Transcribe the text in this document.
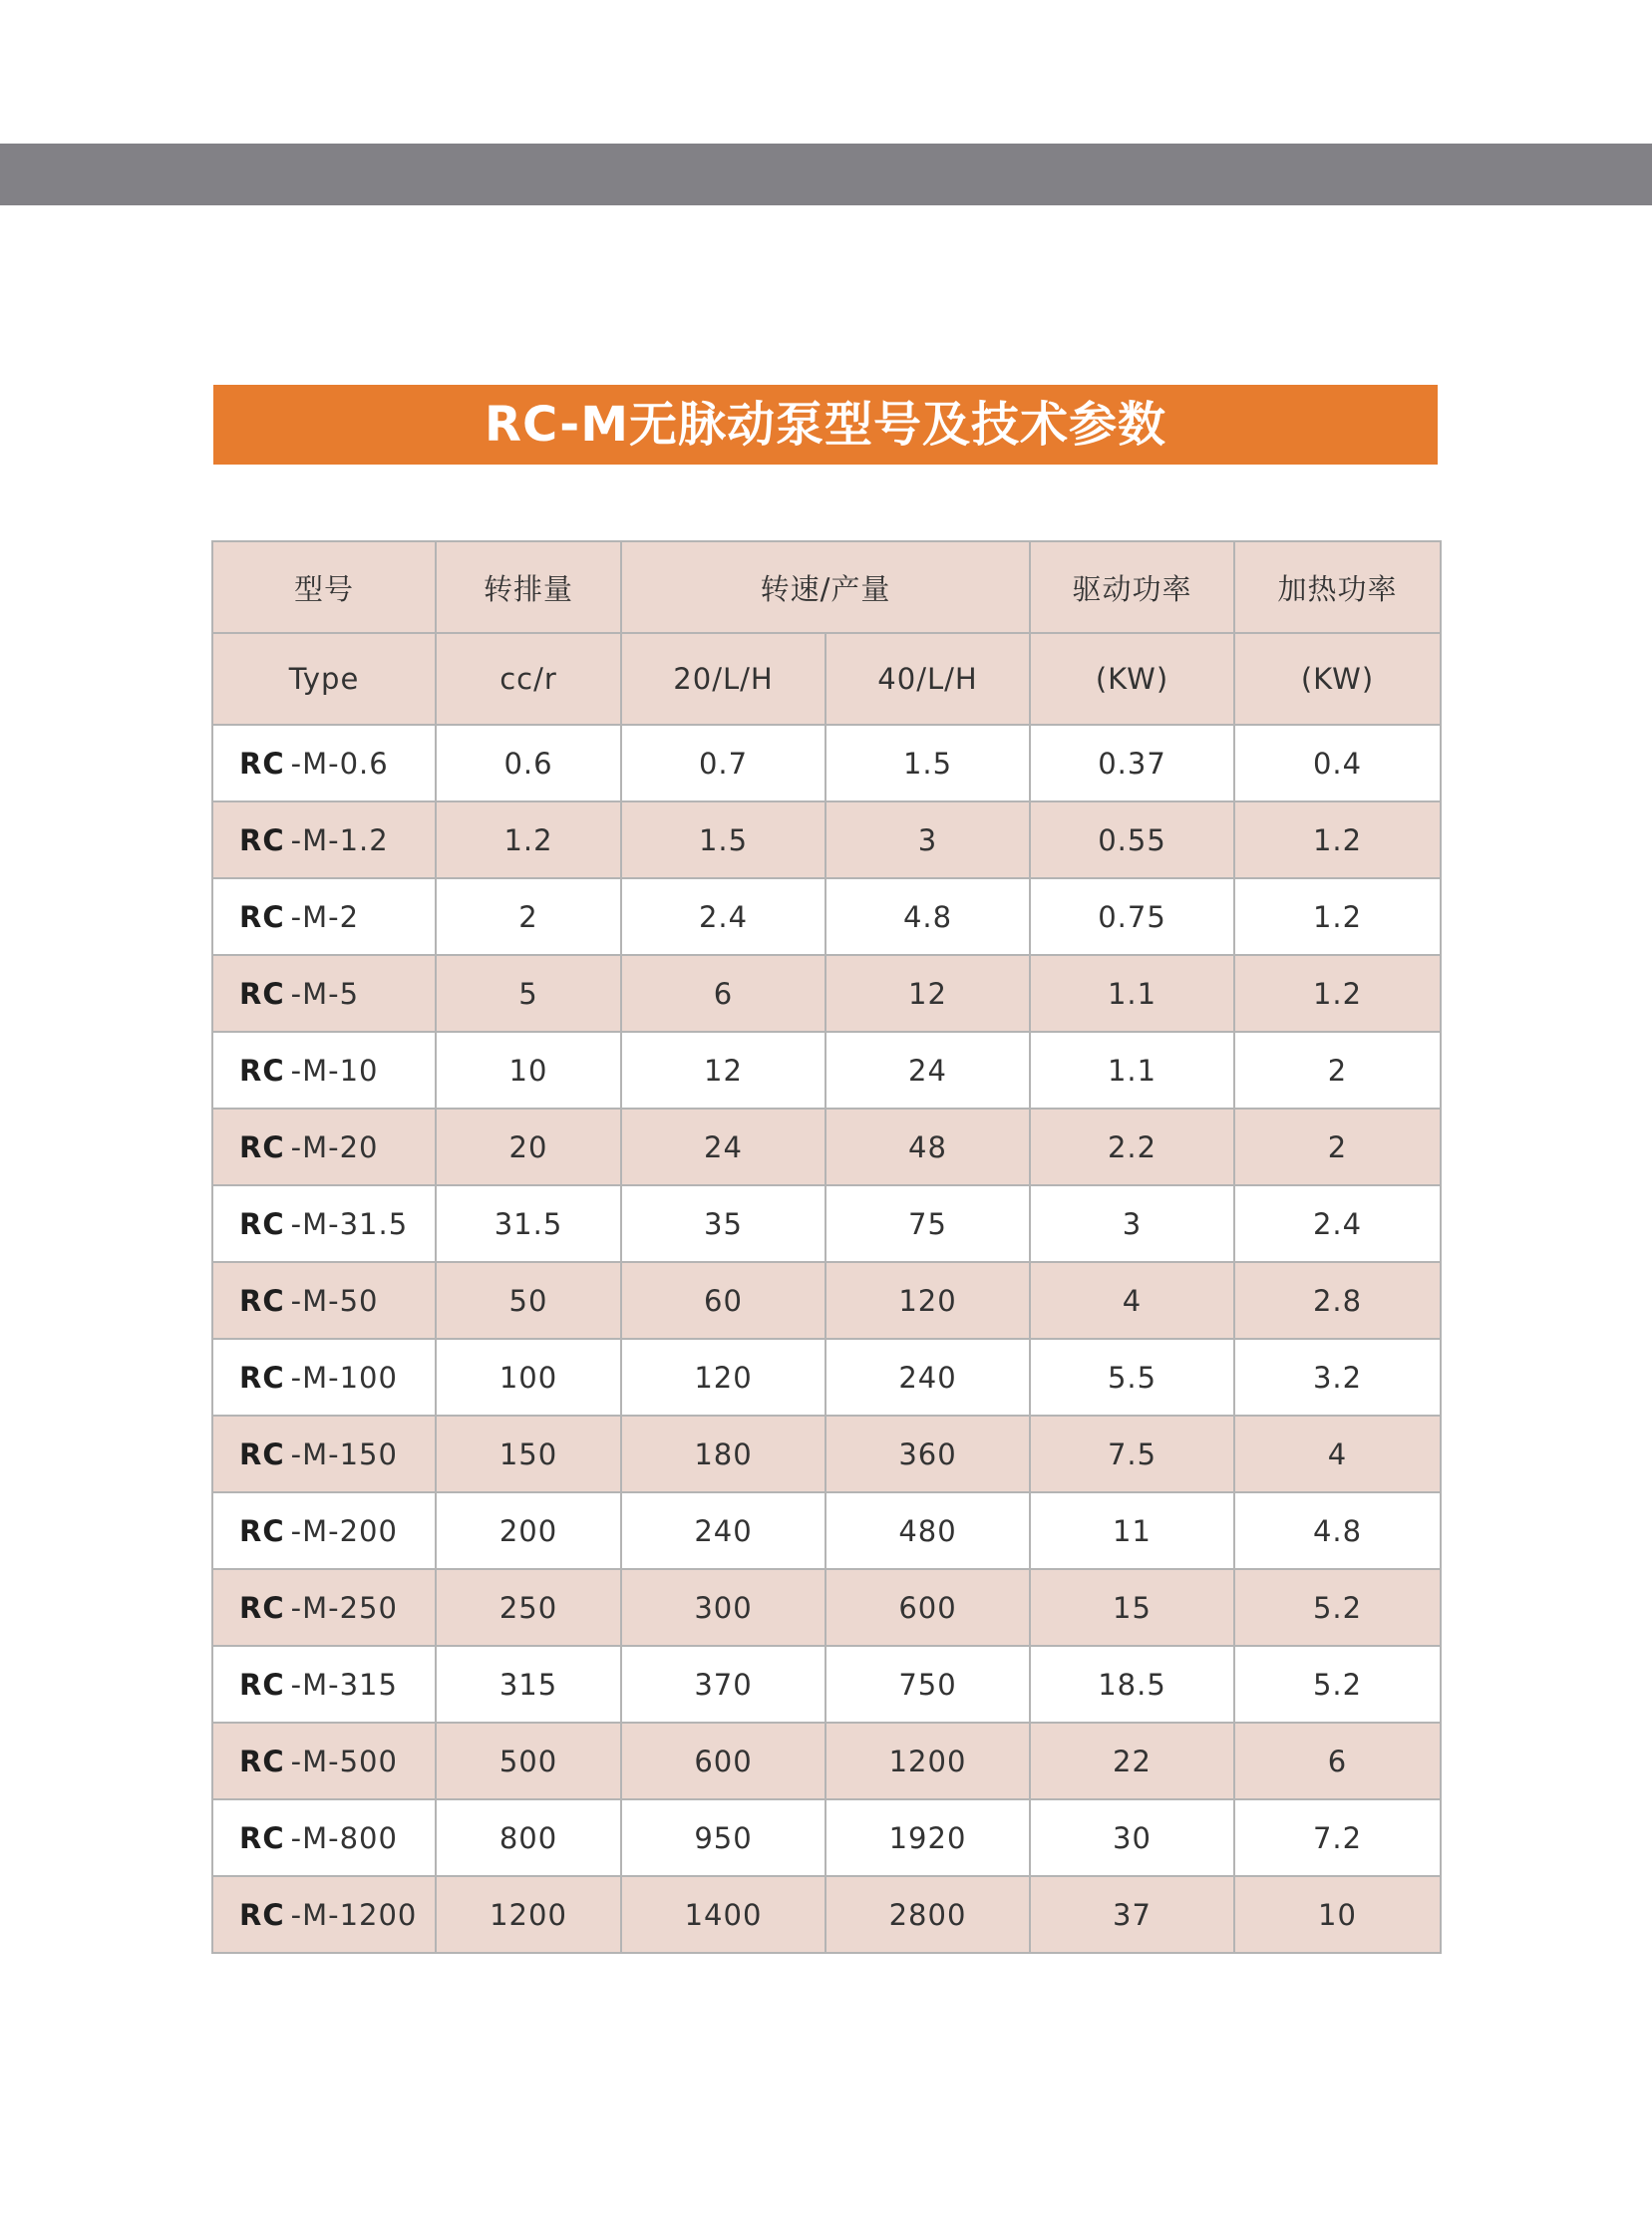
RC-M无脉动泵型号及技术参数
型号	转排量	转速/产量		驱动功率	加热功率
Type	cc/r	20/L/H	40/L/H	(KW)	(KW)
RC -M-0.6	0.6	0.7	1.5	0.37	0.4
RC -M-1.2	1.2	1.5	3	0.55	1.2
RC -M-2	2	2.4	4.8	0.75	1.2
RC -M-5	5	6	12	1.1	1.2
RC -M-10	10	12	24	1.1	2
RC -M-20	20	24	48	2.2	2
RC -M-31.5	31.5	35	75	3	2.4
RC -M-50	50	60	120	4	2.8
RC -M-100	100	120	240	5.5	3.2
RC -M-150	150	180	360	7.5	4
RC -M-200	200	240	480	11	4.8
RC -M-250	250	300	600	15	5.2
RC -M-315	315	370	750	18.5	5.2
RC -M-500	500	600	1200	22	6
RC -M-800	800	950	1920	30	7.2
RC -M-1200	1200	1400	2800	37	10
